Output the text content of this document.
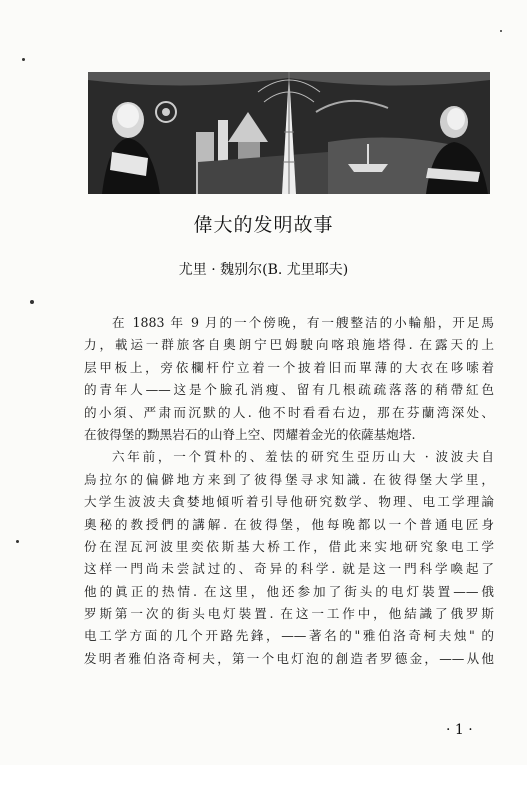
偉大的发明故事
尤里 · 魏别尔(B. 尤里耶夫)

在 1883 年 9 月的一个傍晚，有一艘整洁的小輪船，开足馬

力，載运一群旅客自奧朗宁巴姆駛向喀琅施塔得. 在露天的上

层甲板上，旁依欄杆佇立着一个披着旧而單薄的大衣在哆嗦着

的青年人——这是个臉孔消瘦、留有几根疏疏落落的稍帶紅色

的小須、严肃而沉默的人. 他不时看看右边，那在芬蘭湾深处、

在彼得堡的黝黑岩石的山脊上空、閃耀着金光的依薩基炮塔.

六年前，一个質朴的、羞怯的研究生亞历山大 · 波波夫自

烏拉尔的偏僻地方来到了彼得堡寻求知識. 在彼得堡大学里，

大学生波波夫貪婪地傾听着引导他研究数学、物理、电工学理論

奧秘的教授們的講解. 在彼得堡，他每晚都以一个普通电匠身

份在涅瓦河波里奕依斯基大桥工作，借此来实地研究象电工学

这样一門尚未尝試过的、奇异的科学. 就是这一門科学喚起了

他的眞正的热情. 在这里，他还参加了街头的电灯裝置——俄

罗斯第一次的街头电灯裝置. 在这一工作中，他結識了俄罗斯

电工学方面的几个开路先鋒，——著名的"雅伯洛奇柯夫烛" 的

发明者雅伯洛奇柯夫，第一个电灯泡的創造者罗德金，——从他

· 1 ·
